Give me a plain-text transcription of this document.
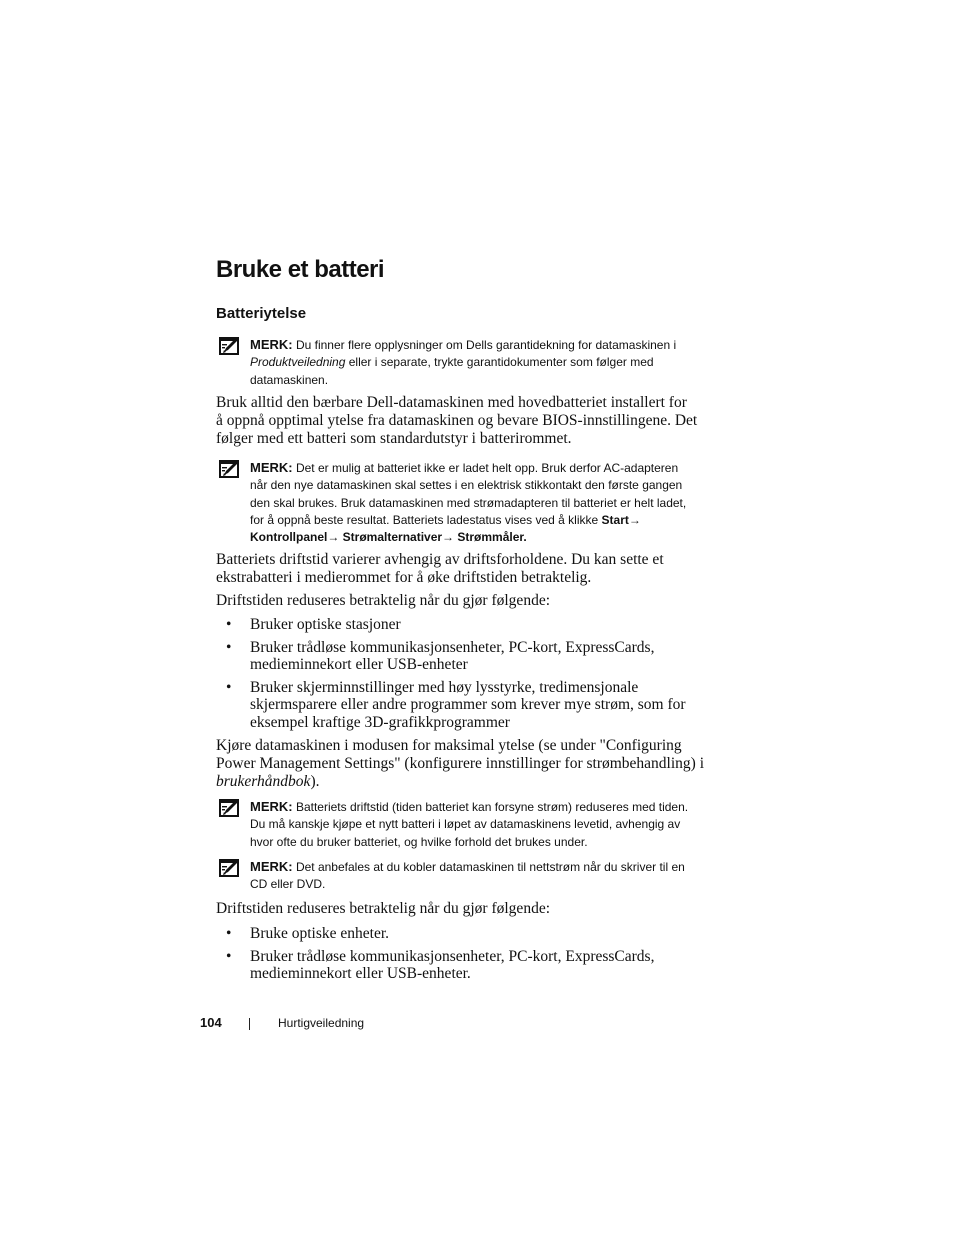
Bruke et batteri
Batteriytelse
MERK: Du finner flere opplysninger om Dells garantidekning for datamaskinen i
Produktveiledning eller i separate, trykte garantidokumenter som følger med
datamaskinen.
Bruk alltid den bærbare Dell-datamaskinen med hovedbatteriet installert for
å oppnå opptimal ytelse fra datamaskinen og bevare BIOS-innstillingene. Det
følger med ett batteri som standardutstyr i batterirommet.
MERK: Det er mulig at batteriet ikke er ladet helt opp. Bruk derfor AC-adapteren
når den nye datamaskinen skal settes i en elektrisk stikkontakt den første gangen
den skal brukes. Bruk datamaskinen med strømadapteren til batteriet er helt ladet,
for å oppnå beste resultat. Batteriets ladestatus vises ved å klikke Start→
Kontrollpanel→ Strømalternativer→ Strømmåler.
Batteriets driftstid varierer avhengig av driftsforholdene. Du kan sette et
ekstrabatteri i medierommet for å øke driftstiden betraktelig.
Driftstiden reduseres betraktelig når du gjør følgende:
• Bruker optiske stasjoner
• Bruker trådløse kommunikasjonsenheter, PC-kort, ExpressCards,
medieminnekort eller USB-enheter
• Bruker skjerminnstillinger med høy lysstyrke, tredimensjonale
skjermsparere eller andre programmer som krever mye strøm, som for
eksempel kraftige 3D-grafikkprogrammer
Kjøre datamaskinen i modusen for maksimal ytelse (se under "Configuring
Power Management Settings" (konfigurere innstillinger for strømbehandling) i
brukerhåndbok).
MERK: Batteriets driftstid (tiden batteriet kan forsyne strøm) reduseres med tiden.
Du må kanskje kjøpe et nytt batteri i løpet av datamaskinens levetid, avhengig av
hvor ofte du bruker batteriet, og hvilke forhold det brukes under.
MERK: Det anbefales at du kobler datamaskinen til nettstrøm når du skriver til en
CD eller DVD.
Driftstiden reduseres betraktelig når du gjør følgende:
• Bruke optiske enheter.
• Bruker trådløse kommunikasjonsenheter, PC-kort, ExpressCards,
medieminnekort eller USB-enheter.
104	Hurtigveiledning
